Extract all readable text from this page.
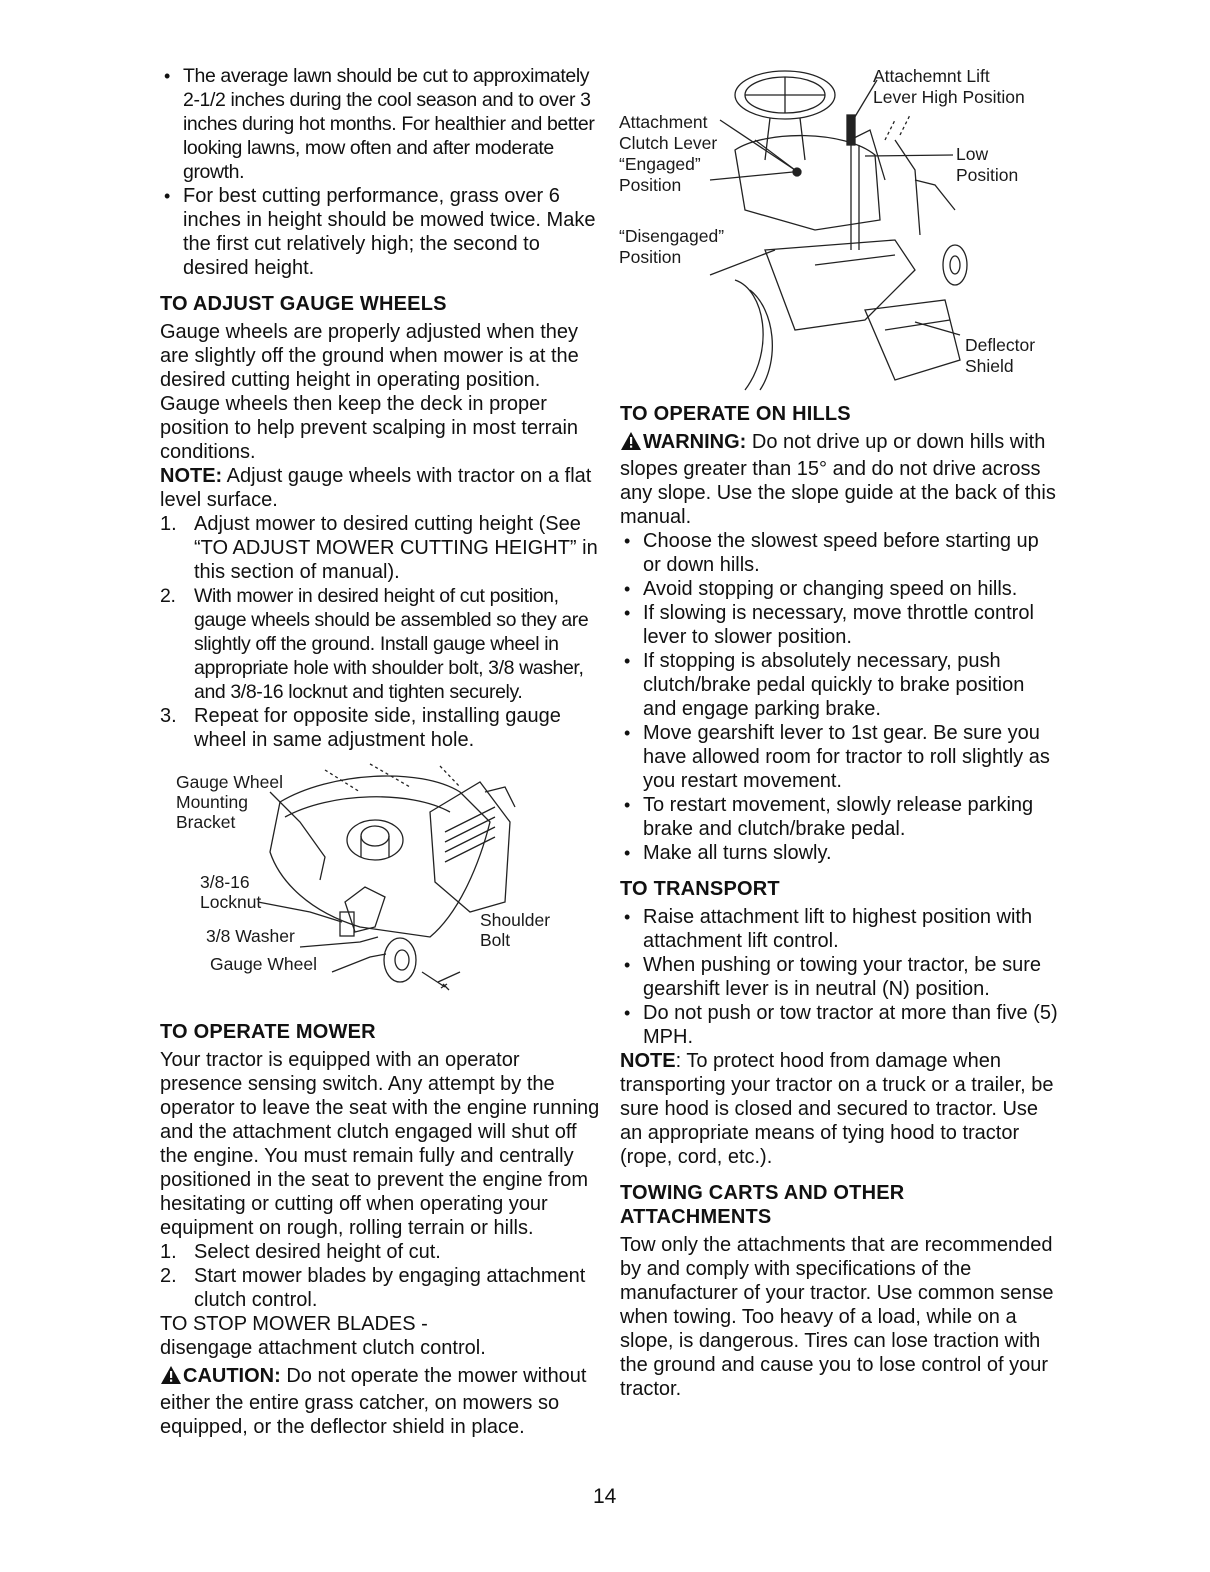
• The average lawn should be cut to approximately 2-1/2 inches during the cool season and to over 3 inches during hot months. For healthier and better looking lawns, mow often and after moderate growth.
• For best cutting performance, grass over 6 inches in height should be mowed twice. Make the first cut relatively high; the second to desired height.
TO ADJUST GAUGE WHEELS

Gauge wheels are properly adjusted when they are slightly off the ground when mower is at the desired cutting height in operating position. Gauge wheels then keep the deck in proper position to help prevent scalping in most terrain conditions.

NOTE: Adjust gauge wheels with tractor on a flat level surface.

1. Adjust mower to desired cutting height (See “TO ADJUST MOWER CUTTING HEIGHT” in this section of manual).
2. With mower in desired height of cut position, gauge wheels should be assembled so they are slightly off the ground. Install gauge wheel in appropriate hole with shoulder bolt, 3/8 washer, and 3/8-16 locknut and tighten securely.
3. Repeat for opposite side, installing gauge wheel in same adjustment hole.
Gauge Wheel
Mounting
Bracket
3/8-16
Locknut
3/8 Washer
Gauge Wheel
Shoulder
Bolt
TO OPERATE MOWER

Your tractor is equipped with an operator presence sensing switch. Any attempt by the operator to leave the seat with the engine running and the attachment clutch engaged will shut off the engine. You must remain fully and centrally positioned in the seat to prevent the engine from hesitating or cutting off when operating your equipment on rough, rolling terrain or hills.

1. Select desired height of cut.
2. Start mower blades by engaging attachment clutch control.

TO STOP MOWER BLADES -

disengage attachment clutch control.

CAUTION: Do not operate the mower without either the entire grass catcher, on mowers so equipped, or the deflector shield in place.

Attachemnt Lift
Lever High Position
Attachment
Clutch Lever
“Engaged”
Position
Low
Position
“Disengaged”
Position
Deflector
Shield
TO OPERATE ON HILLS

WARNING: Do not drive up or down hills with slopes greater than 15° and do not drive across any slope. Use the slope guide at the back of this manual.

• Choose the slowest speed before starting up or down hills.
• Avoid stopping or changing speed on hills.
• If slowing is necessary, move throttle control lever to slower position.
• If stopping is absolutely necessary, push clutch/brake pedal quickly to brake position and engage parking brake.
• Move gearshift lever to 1st gear. Be sure you have allowed room for tractor to roll slightly as you restart movement.
• To restart movement, slowly release parking brake and clutch/brake pedal.
• Make all turns slowly.
TO TRANSPORT
• Raise attachment lift to highest position with attachment lift control.
• When pushing or towing your tractor, be sure gearshift lever is in neutral (N) position.
• Do not push or tow tractor at more than five (5) MPH.

NOTE: To protect hood from damage when transporting your tractor on a truck or a trailer, be sure hood is closed and secured to tractor. Use an appropriate means of tying hood to tractor (rope, cord, etc.).

TOWING CARTS AND OTHER ATTACHMENTS

Tow only the attachments that are recommended by and comply with specifications of the manufacturer of your tractor. Use common sense when towing. Too heavy of a load, while on a slope, is dangerous. Tires can lose traction with the ground and cause you to lose control of your tractor.

14
